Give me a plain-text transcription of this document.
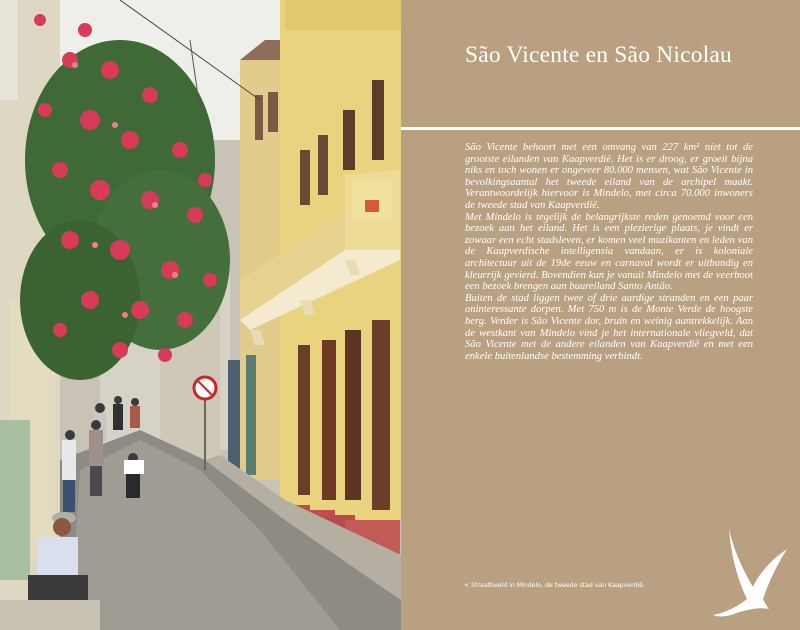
São Vicente en São Nicolau

São Vicente behoort met een omvang van 227 km² niet tot de grootste eilanden van Kaapverdië. Het is er droog, er groeit bijna niks en toch wonen er ongeveer 80.000 mensen, wat São Vicente in bevolkingsaantal het tweede eiland van de archipel maakt. Verantwoordelijk hiervoor is Mindelo, met circa 70.000 inwoners de tweede stad van Kaapverdië.

Met Mindelo is tegelijk de belangrijkste reden genoemd voor een bezoek aan het eiland. Het is een plezierige plaats, je vindt er zowaar een echt stadsleven, er komen veel muzikanten en leden van de Kaapverdische intelligensia vandaan, er is koloniale architectuur uit de 19de eeuw en carnaval wordt er uitbundig en kleurrijk gevierd. Bovendien kun je vanuit Mindelo met de veerboot een bezoek brengen aan buureiland Santo Antão.

Buiten de stad liggen twee of drie aardige stranden en een paar oninteressante dorpen. Met 750 m is de Monte Verde de hoogste berg. Verder is São Vicente dor, bruin en weinig aantrekkelijk. Aan de westkant van Mindelo vind je het internationale vliegveld, dat São Vicente met de andere eilanden van Kaapverdië en met een enkele buitenlandse bestemming verbindt.

< Straatbeeld in Mindelo, de tweede stad van Kaapverdië.
